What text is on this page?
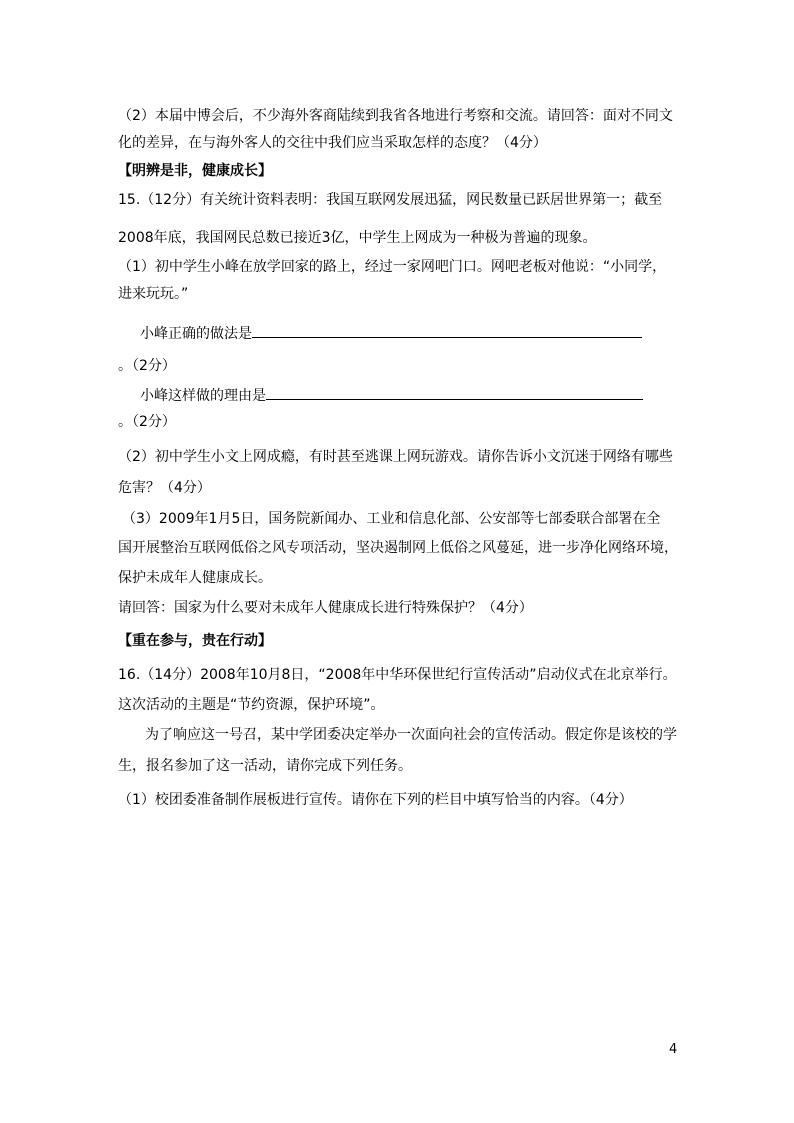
（2）本届中博会后，不少海外客商陆续到我省各地进行考察和交流。请回答：面对不同文
化的差异，在与海外客人的交往中我们应当采取怎样的态度？（4分）
【明辨是非，健康成长】
15.（12分）有关统计资料表明：我国互联网发展迅猛，网民数量已跃居世界第一；截至
2008年底，我国网民总数已接近3亿，中学生上网成为一种极为普遍的现象。
（1）初中学生小峰在放学回家的路上，经过一家网吧门口。网吧老板对他说：“小同学，
进来玩玩。”
小峰正确的做法是
。（2分）
小峰这样做的理由是
。（2分）
（2）初中学生小文上网成瘾，有时甚至逃课上网玩游戏。请你告诉小文沉迷于网络有哪些
危害？（4分）
（3）2009年1月5日，国务院新闻办、工业和信息化部、公安部等七部委联合部署在全
国开展整治互联网低俗之风专项活动，坚决遏制网上低俗之风蔓延，进一步净化网络环境，
保护未成年人健康成长。
请回答：国家为什么要对未成年人健康成长进行特殊保护？（4分）
【重在参与，贵在行动】
16.（14分）2008年10月8日，“2008年中华环保世纪行宣传活动”启动仪式在北京举行。
这次活动的主题是“节约资源，保护环境”。
为了响应这一号召，某中学团委决定举办一次面向社会的宣传活动。假定你是该校的学
生，报名参加了这一活动，请你完成下列任务。
（1）校团委准备制作展板进行宣传。请你在下列的栏目中填写恰当的内容。（4分）
4
